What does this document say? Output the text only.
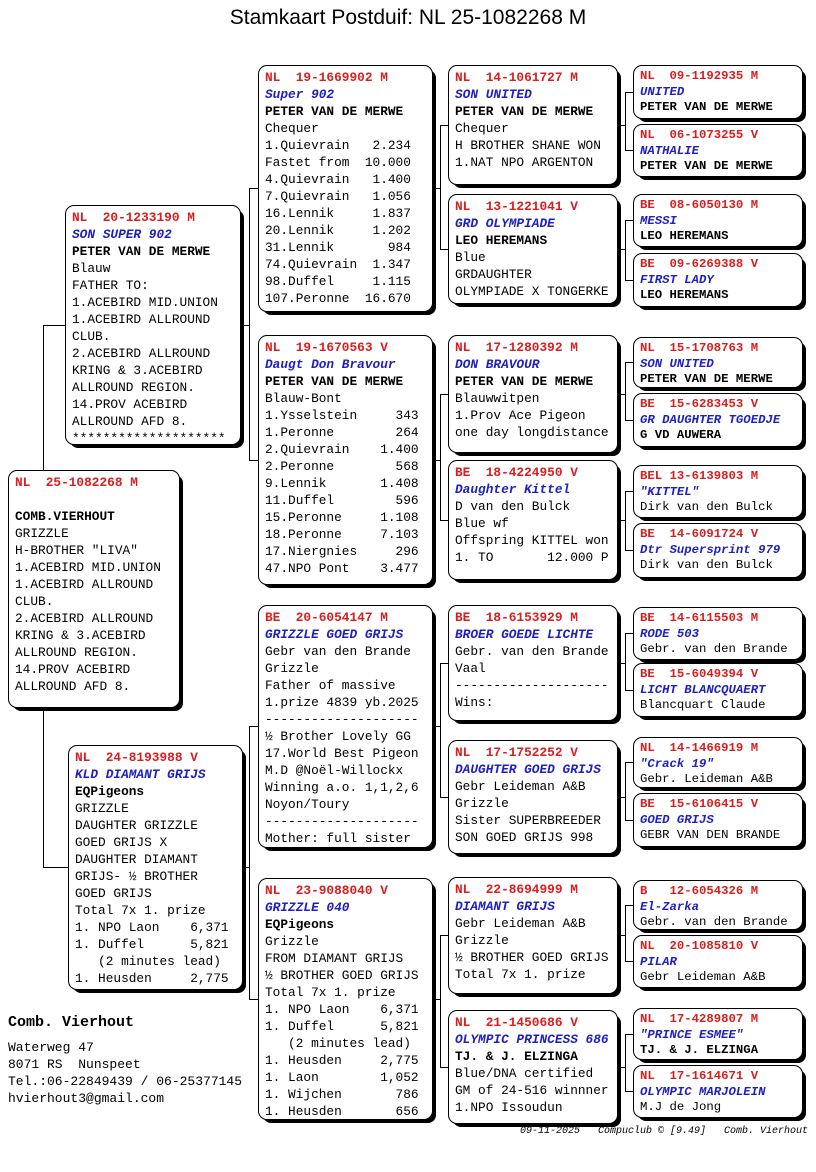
Stamkaart Postduif: NL 25-1082268 M
NL  20-1233190 M
SON SUPER 902
PETER VAN DE MERWE
Blauw
FATHER TO:
1.ACEBIRD MID.UNION
1.ACEBIRD ALLROUND
CLUB.
2.ACEBIRD ALLROUND
KRING & 3.ACEBIRD
ALLROUND REGION.
14.PROV ACEBIRD
ALLROUND AFD 8.
********************
NL  25-1082268 M
COMB.VIERHOUT
GRIZZLE
H-BROTHER "LIVA"
1.ACEBIRD MID.UNION
1.ACEBIRD ALLROUND
CLUB.
2.ACEBIRD ALLROUND
KRING & 3.ACEBIRD
ALLROUND REGION.
14.PROV ACEBIRD
ALLROUND AFD 8.
NL  24-8193988 V
KLD DIAMANT GRIJS
EQPigeons
GRIZZLE
DAUGHTER GRIZZLE
GOED GRIJS X
DAUGHTER DIAMANT
GRIJS- ½ BROTHER
GOED GRIJS
Total 7x 1. prize
1. NPO Laon    6,371
1. Duffel      5,821
(2 minutes lead)
1. Heusden     2,775
NL  19-1669902 M
Super 902
PETER VAN DE MERWE
Chequer
1.Quievrain   2.234
Fastet from  10.000
4.Quievrain   1.400
7.Quievrain   1.056
16.Lennik     1.837
20.Lennik     1.202
31.Lennik       984
74.Quievrain  1.347
98.Duffel     1.115
107.Peronne  16.670
NL  19-1670563 V
Daugt Don Bravour
PETER VAN DE MERWE
Blauw-Bont
1.Ysselstein     343
1.Peronne        264
2.Quievrain    1.400
2.Peronne        568
9.Lennik       1.408
11.Duffel        596
15.Peronne     1.108
18.Peronne     7.103
17.Niergnies     296
47.NPO Pont    3.477
BE  20-6054147 M
GRIZZLE GOED GRIJS
Gebr van den Brande
Grizzle
Father of massive
1.prize 4839 yb.2025
--------------------
½ Brother Lovely GG
17.World Best Pigeon
M.D @Noël-Willockx
Winning a.o. 1,1,2,6
Noyon/Toury
--------------------
Mother: full sister
NL  23-9088040 V
GRIZZLE 040
EQPigeons
Grizzle
FROM DIAMANT GRIJS
½ BROTHER GOED GRIJS
Total 7x 1. prize
1. NPO Laon    6,371
1. Duffel      5,821
(2 minutes lead)
1. Heusden     2,775
1. Laon        1,052
1. Wijchen       786
1. Heusden       656
NL  14-1061727 M
SON UNITED
PETER VAN DE MERWE
Chequer
H BROTHER SHANE WON
1.NAT NPO ARGENTON
NL  13-1221041 V
GRD OLYMPIADE
LEO HEREMANS
Blue
GRDAUGHTER
OLYMPIADE X TONGERKE
NL  17-1280392 M
DON BRAVOUR
PETER VAN DE MERWE
Blauwwitpen
1.Prov Ace Pigeon
one day longdistance
BE  18-4224950 V
Daughter Kittel
D van den Bulck
Blue wf
Offspring KITTEL won
1. TO       12.000 P
BE  18-6153929 M
BROER GOEDE LICHTE
Gebr. van den Brande
Vaal
--------------------
Wins:
NL  17-1752252 V
DAUGHTER GOED GRIJS
Gebr Leideman A&B
Grizzle
Sister SUPERBREEDER
SON GOED GRIJS 998
NL  22-8694999 M
DIAMANT GRIJS
Gebr Leideman A&B
Grizzle
½ BROTHER GOED GRIJS
Total 7x 1. prize
NL  21-1450686 V
OLYMPIC PRINCESS 686
TJ. & J. ELZINGA
Blue/DNA certified
GM of 24-516 winnner
1.NPO Issoudun
NL  09-1192935 M
UNITED
PETER VAN DE MERWE
NL  06-1073255 V
NATHALIE
PETER VAN DE MERWE
BE  08-6050130 M
MESSI
LEO HEREMANS
BE  09-6269388 V
FIRST LADY
LEO HEREMANS
NL  15-1708763 M
SON UNITED
PETER VAN DE MERWE
BE  15-6283453 V
GR DAUGHTER TGOEDJE
G VD AUWERA
BEL 13-6139803 M
"KITTEL"
Dirk van den Bulck
BE  14-6091724 V
Dtr Supersprint 979
Dirk van den Bulck
BE  14-6115503 M
RODE 503
Gebr. van den Brande
BE  15-6049394 V
LICHT BLANCQUAERT
Blancquart Claude
NL  14-1466919 M
"Crack 19"
Gebr. Leideman A&B
BE  15-6106415 V
GOED GRIJS
GEBR VAN DEN BRANDE
B   12-6054326 M
El-Zarka
Gebr. van den Brande
NL  20-1085810 V
PILAR
Gebr Leideman A&B
NL  17-4289807 M
"PRINCE ESMEE"
TJ. & J. ELZINGA
NL  17-1614671 V
OLYMPIC MARJOLEIN
M.J de Jong
Comb. Vierhout
Waterweg 47
8071 RS  Nunspeet
Tel.:06-22849439 / 06-25377145
hvierhout3@gmail.com
09-11-2025   Compuclub © [9.49]   Comb. Vierhout
